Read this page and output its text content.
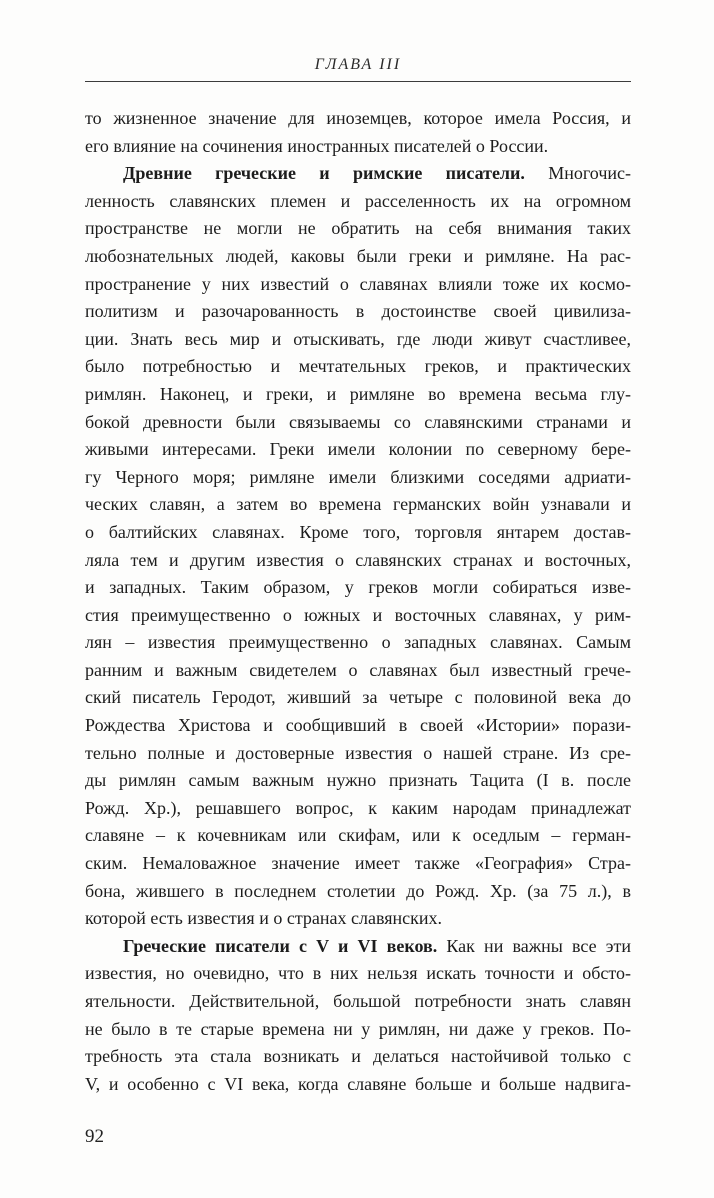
ГЛАВА III
то жизненное значение для иноземцев, которое имела Россия, и
его влияние на сочинения иностранных писателей о России.
Древние греческие и римские писатели. Многочис-
ленность славянских племен и расселенность их на огромном
пространстве не могли не обратить на себя внимания таких
любознательных людей, каковы были греки и римляне. На рас-
пространение у них известий о славянах влияли тоже их космо-
политизм и разочарованность в достоинстве своей цивилиза-
ции. Знать весь мир и отыскивать, где люди живут счастливее,
было потребностью и мечтательных греков, и практических
римлян. Наконец, и греки, и римляне во времена весьма глу-
бокой древности были связываемы со славянскими странами и
живыми интересами. Греки имели колонии по северному бере-
гу Черного моря; римляне имели близкими соседями адриати-
ческих славян, а затем во времена германских войн узнавали и
о балтийских славянах. Кроме того, торговля янтарем достав-
ляла тем и другим известия о славянских странах и восточных,
и западных. Таким образом, у греков могли собираться изве-
стия преимущественно о южных и восточных славянах, у рим-
лян – известия преимущественно о западных славянах. Самым
ранним и важным свидетелем о славянах был известный грече-
ский писатель Геродот, живший за четыре с половиной века до
Рождества Христова и сообщивший в своей «Истории» порази-
тельно полные и достоверные известия о нашей стране. Из сре-
ды римлян самым важным нужно признать Тацита (I в. после
Рожд. Хр.), решавшего вопрос, к каким народам принадлежат
славяне – к кочевникам или скифам, или к оседлым – герман-
ским. Немаловажное значение имеет также «География» Стра-
бона, жившего в последнем столетии до Рожд. Хр. (за 75 л.), в
которой есть известия и о странах славянских.
Греческие писатели с V и VI веков. Как ни важны все эти
известия, но очевидно, что в них нельзя искать точности и обсто-
ятельности. Действительной, большой потребности знать славян
не было в те старые времена ни у римлян, ни даже у греков. По-
требность эта стала возникать и делаться настойчивой только с
V, и особенно с VI века, когда славяне больше и больше надвига-
92
